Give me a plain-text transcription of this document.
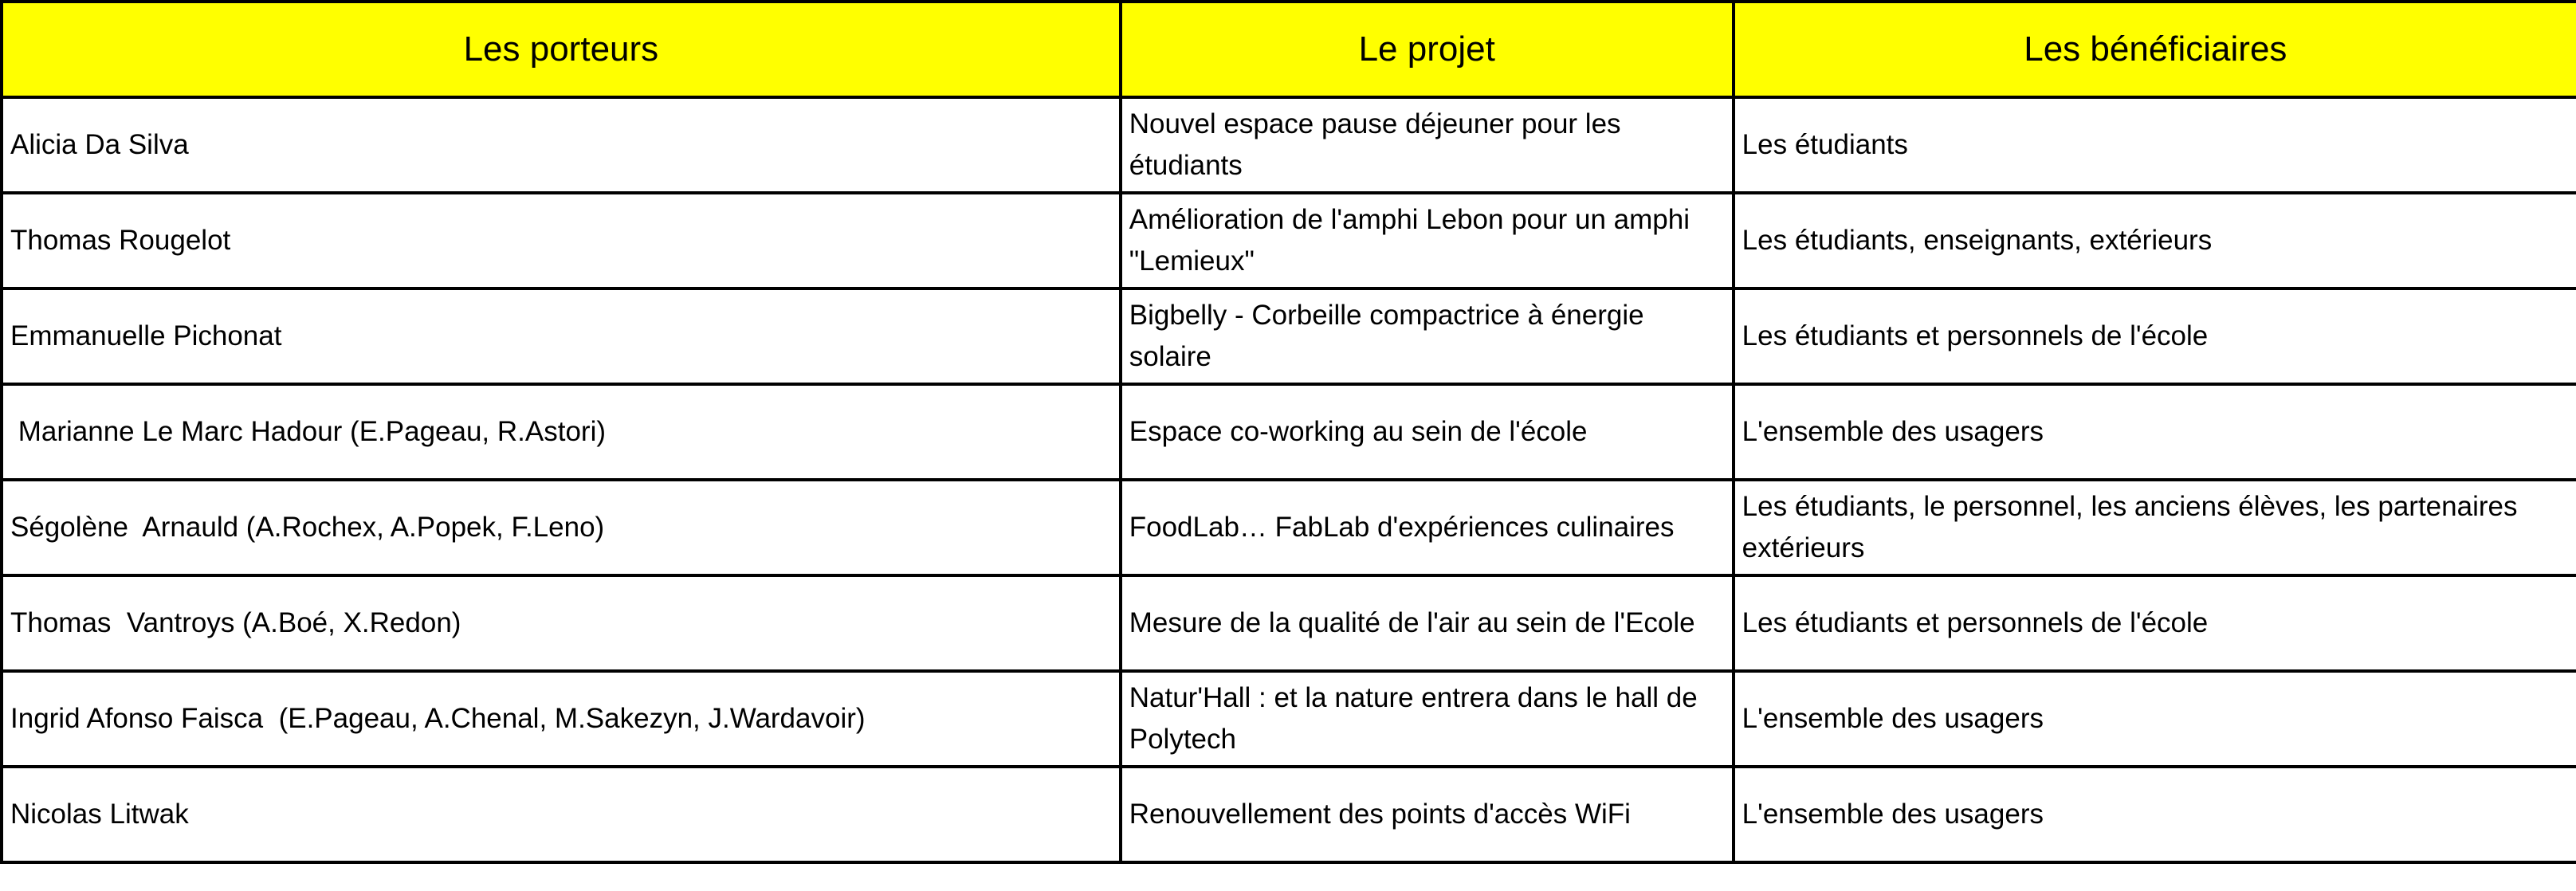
Les porteurs	Le projet	Les bénéficiaires
Alicia Da Silva	Nouvel espace pause déjeuner pour les étudiants	Les étudiants
Thomas Rougelot	Amélioration de l'amphi Lebon pour un amphi "Lemieux"	Les étudiants, enseignants, extérieurs
Emmanuelle Pichonat	Bigbelly - Corbeille compactrice à énergie solaire	Les étudiants et personnels de l'école
Marianne Le Marc Hadour (E.Pageau, R.Astori)	Espace co-working au sein de l'école	L'ensemble des usagers
Ségolène  Arnauld (A.Rochex, A.Popek, F.Leno)	FoodLab… FabLab d'expériences culinaires	Les étudiants, le personnel, les anciens élèves, les partenaires extérieurs
Thomas  Vantroys (A.Boé, X.Redon)	Mesure de la qualité de l'air au sein de l'Ecole	Les étudiants et personnels de l'école
Ingrid Afonso Faisca  (E.Pageau, A.Chenal, M.Sakezyn, J.Wardavoir)	Natur'Hall : et la nature entrera dans le hall de Polytech	L'ensemble des usagers
Nicolas Litwak	Renouvellement des points d'accès WiFi	L'ensemble des usagers
